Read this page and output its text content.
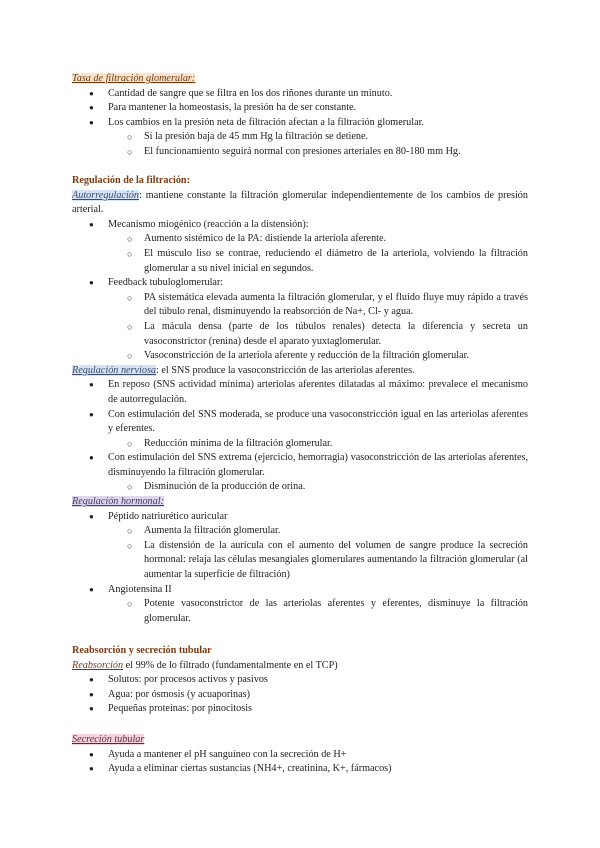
Tasa de filtración glomerular:
● Cantidad de sangre que se filtra en los dos riñones durante un minuto.
● Para mantener la homeostasis, la presión ha de ser constante.
● Los cambios en la presión neta de filtración afectan a la filtración glomerular.
○ Si la presión baja de 45 mm Hg la filtración se detiene.
○ El funcionamiento seguirá normal con presiones arteriales en 80-180 mm Hg.
Regulación de la filtración:
Autorregulación: mantiene constante la filtración glomerular independientemente de los cambios de presión arterial.
● Mecanismo miogénico (reacción a la distensión):
○ Aumento sistémico de la PA: distiende la arteriola aferente.
○ El músculo liso se contrae, reduciendo el diámetro de la arteriola, volviendo la filtración glomerular a su nivel inicial en segundos.
● Feedback tubuloglomerular:
○ PA sistemática elevada aumenta la filtración glomerular, y el fluido fluye muy rápido a través del túbulo renal, disminuyendo la reabsorción de Na+, Cl- y agua.
○ La mácula densa (parte de los túbulos renales) detecta la diferencia y secreta un vasoconstrictor (renina) desde el aparato yuxtaglomerular.
○ Vasoconstricción de la arteriola aferente y reducción de la filtración glomerular.
Regulación nerviosa: el SNS produce la vasoconstricción de las arteriolas aferentes.
● En reposo (SNS actividad mínima) arteriolas aferentes dilatadas al máximo: prevalece el mecanismo de autorregulación.
● Con estimulación del SNS moderada, se produce una vasoconstricción igual en las arteriolas aferentes y eferentes.
○ Reducción mínima de la filtración glomerular.
● Con estimulación del SNS extrema (ejercicio, hemorragia) vasoconstricción de las arteriolas aferentes, disminuyendo la filtración glomerular.
○ Disminución de la producción de orina.
Regulación hormonal:
● Péptido natriurético auricular
○ Aumenta la filtración glomerular.
○ La distensión de la aurícula con el aumento del volumen de sangre produce la secreción hormonal: relaja las células mesangiales glomerulares aumentando la filtración glomerular (al aumentar la superficie de filtración)
● Angiotensina II
○ Potente vasoconstrictor de las arteriolas aferentes y eferentes, disminuye la filtración glomerular.
Reabsorción y secreción tubular
Reabsorción el 99% de lo filtrado (fundamentalmente en el TCP)
● Solutos: por procesos activos y pasivos
● Agua: por ósmosis (y acuaporinas)
● Pequeñas proteínas: por pinocitosis
Secreción tubular
● Ayuda a mantener el pH sanguíneo con la secreción de H+
● Ayuda a eliminar ciertas sustancias (NH4+, creatinina, K+, fármacos)
